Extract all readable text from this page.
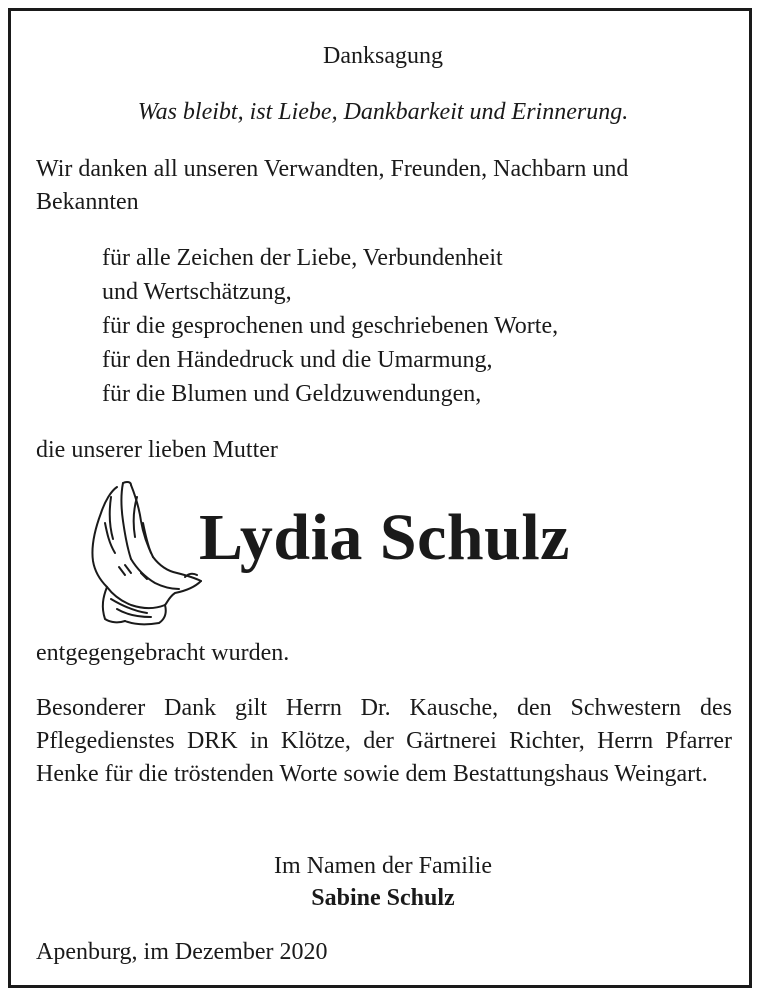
Danksagung
Was bleibt, ist Liebe, Dankbarkeit und Erinnerung.
Wir danken all unseren Verwandten, Freunden, Nachbarn und
Bekannten
für alle Zeichen der Liebe, Verbundenheit
und Wertschätzung,
für die gesprochenen und geschriebenen Worte,
für den Händedruck und die Umarmung,
für die Blumen und Geldzuwendungen,
die unserer lieben Mutter
Lydia Schulz
entgegengebracht wurden.
Besonderer Dank gilt Herrn Dr. Kausche, den Schwestern des Pflegedienstes DRK in Klötze, der Gärtnerei Richter, Herrn Pfarrer Henke für die tröstenden Worte sowie dem Bestattungshaus Weingart.
Im Namen der Familie
Sabine Schulz
Apenburg, im Dezember 2020
